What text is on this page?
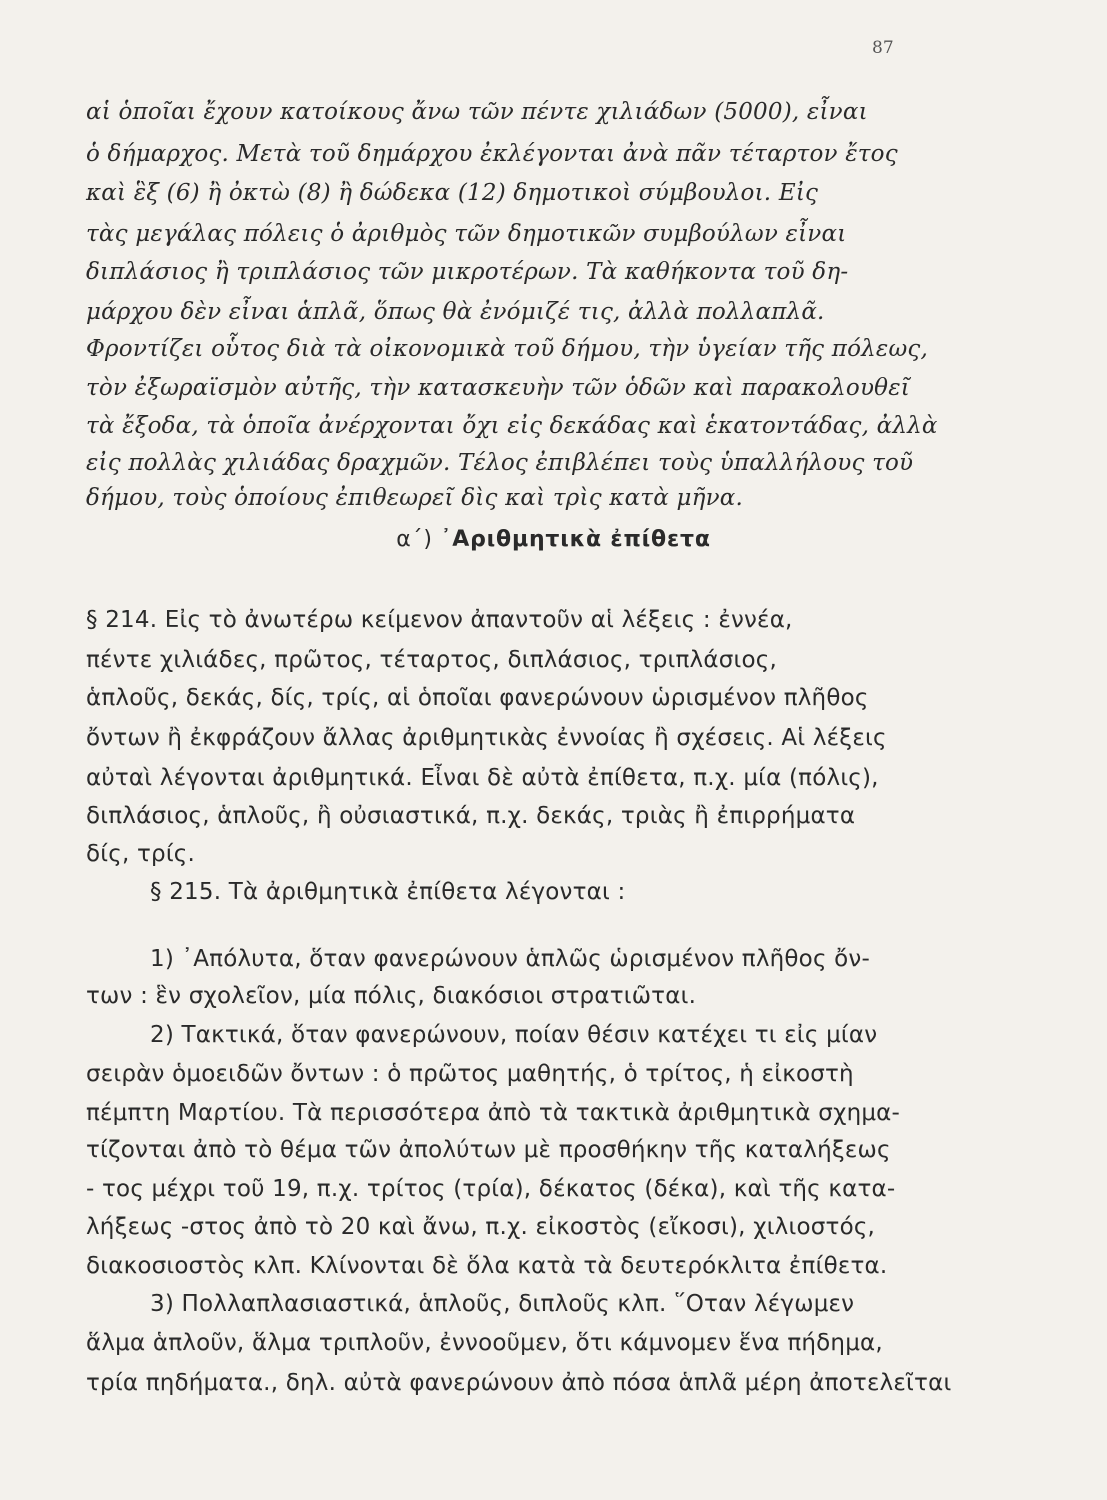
87
αἱ ὁποῖαι ἔχουν κατοίκους ἄνω τῶν πέντε χιλιάδων (5000), εἶναι
ὁ δήμαρχος. Μετὰ τοῦ δημάρχου ἐκλέγονται ἀνὰ πᾶν τέταρτον ἔτος
καὶ ἓξ (6) ἢ ὀκτὼ (8) ἢ δώδεκα (12) δημοτικοὶ σύμβουλοι. Εἰς
τὰς μεγάλας πόλεις ὁ ἀριθμὸς τῶν δημοτικῶν συμβούλων εἶναι
διπλάσιος ἢ τριπλάσιος τῶν μικροτέρων. Τὰ καθήκοντα τοῦ δη-
μάρχου δὲν εἶναι ἁπλᾶ, ὅπως θὰ ἐνόμιζέ τις, ἀλλὰ πολλαπλᾶ.
Φροντίζει οὗτος διὰ τὰ οἰκονομικὰ τοῦ δήμου, τὴν ὑγείαν τῆς πόλεως,
τὸν ἐξωραϊσμὸν αὐτῆς, τὴν κατασκευὴν τῶν ὁδῶν καὶ παρακολουθεῖ
τὰ ἔξοδα, τὰ ὁποῖα ἀνέρχονται ὄχι εἰς δεκάδας καὶ ἑκατοντάδας, ἀλλὰ
εἰς πολλὰς χιλιάδας δραχμῶν. Τέλος ἐπιβλέπει τοὺς ὑπαλλήλους τοῦ
δήμου, τοὺς ὁποίους ἐπιθεωρεῖ δὶς καὶ τρὶς κατὰ μῆνα.
α΄) ᾿Αριθμητικὰ ἐπίθετα
§ 214. Εἰς τὸ ἀνωτέρω κείμενον ἀπαντοῦν αἱ λέξεις : ἐννέα,
πέντε χιλιάδες, πρῶτος, τέταρτος, διπλάσιος, τριπλάσιος,
ἁπλοῦς, δεκάς, δίς, τρίς, αἱ ὁποῖαι φανερώνουν ὡρισμένον πλῆθος
ὄντων ἢ ἐκφράζουν ἄλλας ἀριθμητικὰς ἐννοίας ἢ σχέσεις. Αἱ λέξεις
αὐταὶ λέγονται ἀριθμητικά. Εἶναι δὲ αὐτὰ ἐπίθετα, π.χ. μία (πόλις),
διπλάσιος, ἁπλοῦς, ἢ οὐσιαστικά, π.χ. δεκάς, τριὰς ἢ ἐπιρρήματα
δίς, τρίς.
§ 215. Τὰ ἀριθμητικὰ ἐπίθετα λέγονται :
1) ᾿Απόλυτα, ὅταν φανερώνουν ἁπλῶς ὡρισμένον πλῆθος ὄν-
των : ἓν σχολεῖον, μία πόλις, διακόσιοι στρατιῶται.
2) Τακτικά, ὅταν φανερώνουν, ποίαν θέσιν κατέχει τι εἰς μίαν
σειρὰν ὁμοειδῶν ὄντων : ὁ πρῶτος μαθητής, ὁ τρίτος, ἡ εἰκοστὴ
πέμπτη Μαρτίου. Τὰ περισσότερα ἀπὸ τὰ τακτικὰ ἀριθμητικὰ σχημα-
τίζονται ἀπὸ τὸ θέμα τῶν ἀπολύτων μὲ προσθήκην τῆς καταλήξεως
- τος μέχρι τοῦ 19, π.χ. τρίτος (τρία), δέκατος (δέκα), καὶ τῆς κατα-
λήξεως -στος ἀπὸ τὸ 20 καὶ ἄνω, π.χ. εἰκοστὸς (εἴκοσι), χιλιοστός,
διακοσιοστὸς κλπ. Κλίνονται δὲ ὅλα κατὰ τὰ δευτερόκλιτα ἐπίθετα.
3) Πολλαπλασιαστικά, ἁπλοῦς, διπλοῦς κλπ. ῞Οταν λέγωμεν
ἅλμα ἁπλοῦν, ἅλμα τριπλοῦν, ἐννοοῦμεν, ὅτι κάμνομεν ἕνα πήδημα,
τρία πηδήματα., δηλ. αὐτὰ φανερώνουν ἀπὸ πόσα ἁπλᾶ μέρη ἀποτελεῖται
